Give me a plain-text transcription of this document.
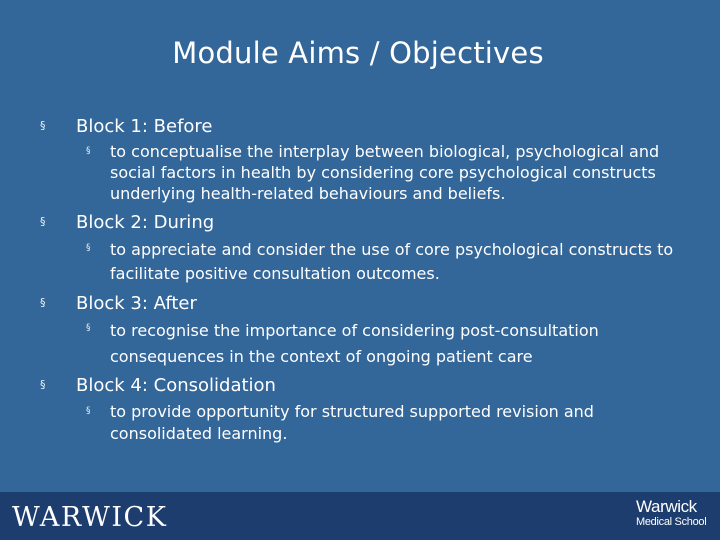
Module Aims / Objectives
§ Block 1: Before
§ to conceptualise the interplay between biological, psychological and social factors in health by considering core psychological constructs underlying health-related behaviours and beliefs.
§ Block 2: During
§ to appreciate and consider the use of core psychological constructs to facilitate positive consultation outcomes.
§ Block 3: After
§ to recognise the importance of considering post-consultation consequences in the context of ongoing patient care
§ Block 4: Consolidation
§ to provide opportunity for structured supported revision and consolidated learning.
WARWICK	Warwick
Medical School
